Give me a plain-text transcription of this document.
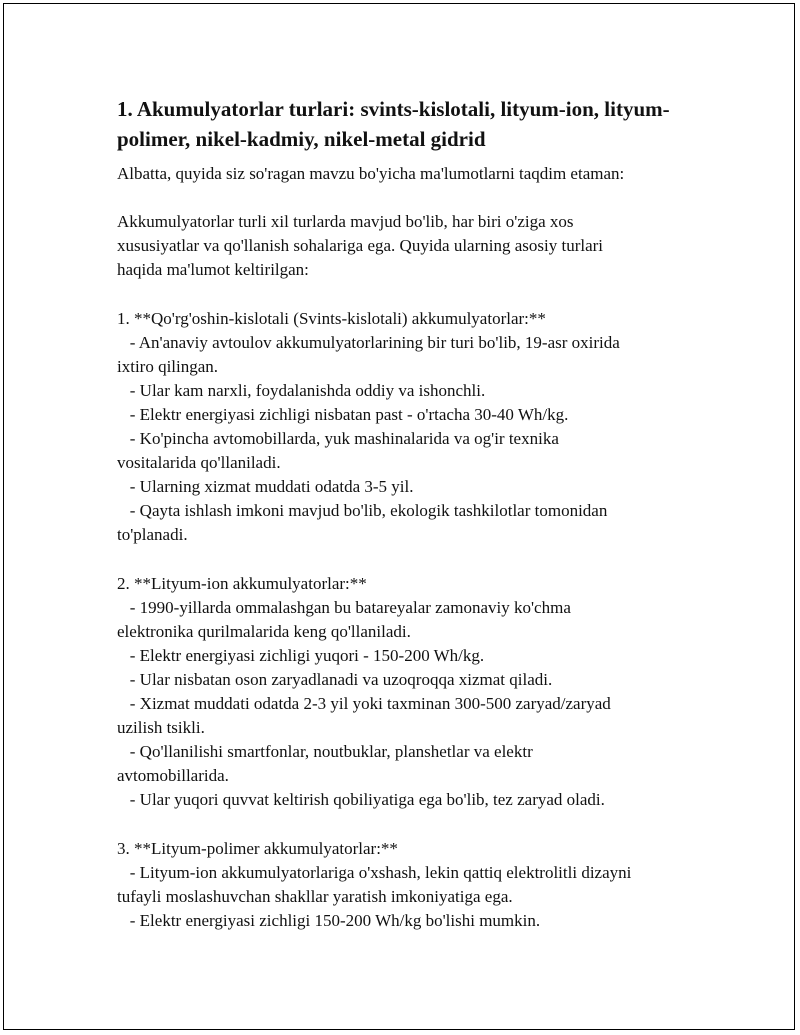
1. Akumulyatorlar turlari: svints-kislotali, lityum-ion, lityum-
polimer, nikel-kadmiy, nikel-metal gidrid

Albatta, quyida siz so'ragan mavzu bo'yicha ma'lumotlarni taqdim etaman:

Akkumulyatorlar turli xil turlarda mavjud bo'lib, har biri o'ziga xos

xususiyatlar va qo'llanish sohalariga ega. Quyida ularning asosiy turlari

haqida ma'lumot keltirilgan:

1. **Qo'rg'oshin-kislotali (Svints-kislotali) akkumulyatorlar:**

- An'anaviy avtoulov akkumulyatorlarining bir turi bo'lib, 19-asr oxirida

ixtiro qilingan.

- Ular kam narxli, foydalanishda oddiy va ishonchli.

- Elektr energiyasi zichligi nisbatan past - o'rtacha 30-40 Wh/kg.

- Ko'pincha avtomobillarda, yuk mashinalarida va og'ir texnika

vositalarida qo'llaniladi.

- Ularning xizmat muddati odatda 3-5 yil.

- Qayta ishlash imkoni mavjud bo'lib, ekologik tashkilotlar tomonidan

to'planadi.

2. **Lityum-ion akkumulyatorlar:**

- 1990-yillarda ommalashgan bu batareyalar zamonaviy ko'chma

elektronika qurilmalarida keng qo'llaniladi.

- Elektr energiyasi zichligi yuqori - 150-200 Wh/kg.

- Ular nisbatan oson zaryadlanadi va uzoqroqqa xizmat qiladi.

- Xizmat muddati odatda 2-3 yil yoki taxminan 300-500 zaryad/zaryad

uzilish tsikli.

- Qo'llanilishi smartfonlar, noutbuklar, planshetlar va elektr

avtomobillarida.

- Ular yuqori quvvat keltirish qobiliyatiga ega bo'lib, tez zaryad oladi.

3. **Lityum-polimer akkumulyatorlar:**

- Lityum-ion akkumulyatorlariga o'xshash, lekin qattiq elektrolitli dizayni

tufayli moslashuvchan shakllar yaratish imkoniyatiga ega.

- Elektr energiyasi zichligi 150-200 Wh/kg bo'lishi mumkin.
